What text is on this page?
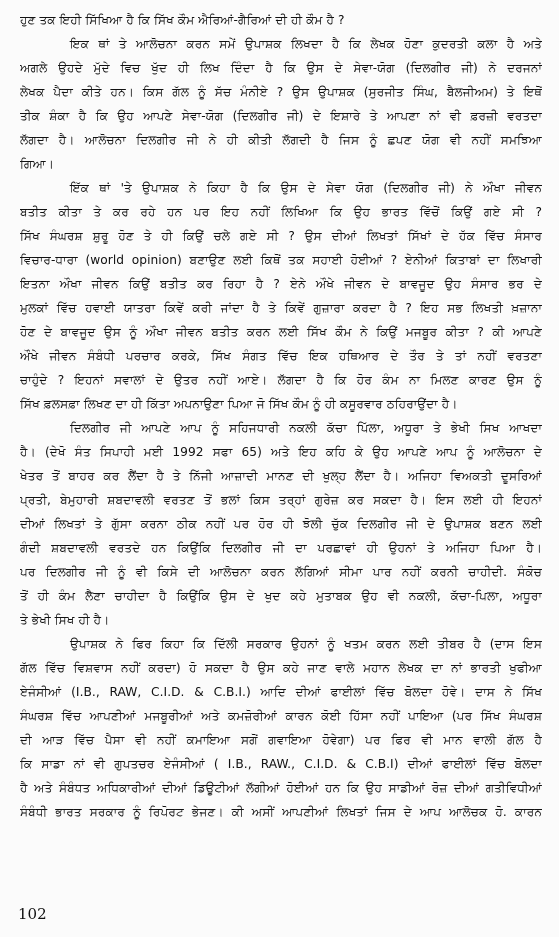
ਹੁਣ ਤਕ ਇਹੀ ਸਿੱਖਿਆ ਹੈ ਕਿ ਸਿੱਖ ਕੌਮ ਐਰਿਆਂ-ਗੈਰਿਆਂ ਦੀ ਹੀ ਕੌਮ ਹੈ ?
ਇਕ ਥਾਂ ਤੇ ਆਲੋਚਨਾ ਕਰਨ ਸਮੇਂ ਉਪਾਸ਼ਕ ਲਿਖਦਾ ਹੈ ਕਿ ਲੇਖਕ ਹੋਣਾ ਕੁਦਰਤੀ ਕਲਾ ਹੈ ਅਤੇ
ਅਗਲੇ ਉਹਦੇ ਮੁੱਦੇ ਵਿਚ ਖੁੱਦ ਹੀ ਲਿਖ ਦਿੰਦਾ ਹੈ ਕਿ ਉਸ ਦੇ ਸੇਵਾ-ਯੋਗ (ਦਿਲਗੀਰ ਜੀ) ਨੇ ਦਰਜਨਾਂ
ਲੇਖਕ ਪੈਦਾ ਕੀਤੇ ਹਨ। ਕਿਸ ਗੱਲ ਨੂੰ ਸੱਚ ਮੰਨੀਏ ? ਉਸ ਉਪਾਸ਼ਕ (ਸੁਰਜੀਤ ਸਿੰਘ, ਬੈਲਜੀਅਮ) ਤੇ ਇਥੋਂ
ਤੀਕ ਸ਼ੰਕਾ ਹੈ ਕਿ ਉਹ ਆਪਣੇ ਸੇਵਾ-ਯੋਗ (ਦਿਲਗੀਰ ਜੀ) ਦੇ ਇਸ਼ਾਰੇ ਤੇ ਆਪਣਾ ਨਾਂ ਵੀ ਫ਼ਰਜ਼ੀ ਵਰਤਦਾ
ਲੱਗਦਾ ਹੈ। ਆਲੋਚਨਾ ਦਿਲਗੀਰ ਜੀ ਨੇ ਹੀ ਕੀਤੀ ਲੱਗਦੀ ਹੈ ਜਿਸ ਨੂੰ ਛਪਣ ਯੋਗ ਵੀ ਨਹੀਂ ਸਮਝਿਆ
ਗਿਆ।
ਇੱਕ ਥਾਂ 'ਤੇ ਉਪਾਸ਼ਕ ਨੇ ਕਿਹਾ ਹੈ ਕਿ ਉਸ ਦੇ ਸੇਵਾ ਯੋਗ (ਦਿਲਗੀਰ ਜੀ) ਨੇ ਔਖਾ ਜੀਵਨ
ਬਤੀਤ ਕੀਤਾ ਤੇ ਕਰ ਰਹੇ ਹਨ ਪਰ ਇਹ ਨਹੀਂ ਲਿਖਿਆ ਕਿ ਉਹ ਭਾਰਤ ਵਿੱਚੋਂ ਕਿਉਂ ਗਏ ਸੀ ?
ਸਿੱਖ ਸੰਘਰਸ਼ ਸ਼ੁਰੂ ਹੋਣ ਤੇ ਹੀ ਕਿਉਂ ਚਲੇ ਗਏ ਸੀ ? ਉਸ ਦੀਆਂ ਲਿਖਤਾਂ ਸਿੱਖਾਂ ਦੇ ਹੱਕ ਵਿੱਚ ਸੰਸਾਰ
ਵਿਚਾਰ-ਧਾਰਾ (world opinion) ਬਣਾਉਣ ਲਈ ਕਿਥੋਂ ਤਕ ਸਹਾਈ ਹੋਈਆਂ ? ਏਨੀਆਂ ਕਿਤਾਬਾਂ ਦਾ ਲਿਖਾਰੀ
ਇਤਨਾ ਔਖਾ ਜੀਵਨ ਕਿਉਂ ਬਤੀਤ ਕਰ ਰਿਹਾ ਹੈ ? ਏਨੇ ਔਖੇ ਜੀਵਨ ਦੇ ਬਾਵਜੂਦ ਉਹ ਸੰਸਾਰ ਭਰ ਦੇ
ਮੁਲਕਾਂ ਵਿੱਚ ਹਵਾਈ ਯਾਤਰਾ ਕਿਵੇਂ ਕਰੀ ਜਾਂਦਾ ਹੈ ਤੇ ਕਿਵੇਂ ਗੁਜ਼ਾਰਾ ਕਰਦਾ ਹੈ ? ਇਹ ਸਭ ਲਿਖਤੀ ਖ਼ਜ਼ਾਨਾ
ਹੋਣ ਦੇ ਬਾਵਜੂਦ ਉਸ ਨੂੰ ਔਖਾ ਜੀਵਨ ਬਤੀਤ ਕਰਨ ਲਈ ਸਿੱਖ ਕੌਮ ਨੇ ਕਿਉਂ ਮਜਬੂਰ ਕੀਤਾ ? ਕੀ ਆਪਣੇ
ਔਖੇ ਜੀਵਨ ਸੰਬੰਧੀ ਪਰਚਾਰ ਕਰਕੇ, ਸਿੱਖ ਸੰਗਤ ਵਿੱਚ ਇਕ ਹਥਿਆਰ ਦੇ ਤੌਰ ਤੇ ਤਾਂ ਨਹੀਂ ਵਰਤਣਾ
ਚਾਹੁੰਦੇ ? ਇਹਨਾਂ ਸਵਾਲਾਂ ਦੇ ਉਤਰ ਨਹੀਂ ਆਏ। ਲੱਗਦਾ ਹੈ ਕਿ ਹੋਰ ਕੰਮ ਨਾ ਮਿਲਣ ਕਾਰਣ ਉਸ ਨੂੰ
ਸਿੱਖ ਫ਼ਲਸਫ਼ਾ ਲਿਖਣ ਦਾ ਹੀ ਕਿੱਤਾ ਅਪਨਾਉਣਾ ਪਿਆ ਜੋ ਸਿੱਖ ਕੌਮ ਨੂੰ ਹੀ ਕਸੂਰਵਾਰ ਠਹਿਰਾਉਂਦਾ ਹੈ।
ਦਿਲਗੀਰ ਜੀ ਆਪਣੇ ਆਪ ਨੂੰ ਸਹਿਜਧਾਰੀ ਨਕਲੀ ਕੱਚਾ ਪਿੱਲਾ, ਅਧੂਰਾ ਤੇ ਭੇਖੀ ਸਿਖ ਆਖਦਾ
ਹੈ। (ਦੇਖੋ ਸੰਤ ਸਿਪਾਹੀ ਮਈ 1992 ਸਫਾ 65) ਅਤੇ ਇਹ ਕਹਿ ਕੇ ਉਹ ਆਪਣੇ ਆਪ ਨੂੰ ਆਲੋਚਨਾ ਦੇ
ਖੇਤਰ ਤੋਂ ਬਾਹਰ ਕਰ ਲੈਂਦਾ ਹੈ ਤੇ ਨਿੱਜੀ ਆਜ਼ਾਦੀ ਮਾਨਣ ਦੀ ਖੁਲ੍ਹ ਲੈਂਦਾ ਹੈ। ਅਜਿਹਾ ਵਿਅਕਤੀ ਦੂਸਰਿਆਂ
ਪ੍ਰਤੀ, ਬੇਮੁਹਾਰੀ ਸ਼ਬਦਾਵਲੀ ਵਰਤਣ ਤੋਂ ਭਲਾਂ ਕਿਸ ਤਰ੍ਹਾਂ ਗੁਰੇਜ਼ ਕਰ ਸਕਦਾ ਹੈ। ਇਸ ਲਈ ਹੀ ਇਹਨਾਂ
ਦੀਆਂ ਲਿਖਤਾਂ ਤੇ ਗੁੱਸਾ ਕਰਨਾ ਠੀਕ ਨਹੀਂ ਪਰ ਹੋਰ ਹੀ ਝੋਲੀ ਚੁੱਕ ਦਿਲਗੀਰ ਜੀ ਦੇ ਉਪਾਸ਼ਕ ਬਣਨ ਲਈ
ਗੰਦੀ ਸ਼ਬਦਾਵਲੀ ਵਰਤਦੇ ਹਨ ਕਿਉਂਕਿ ਦਿਲਗੀਰ ਜੀ ਦਾ ਪਰਛਾਵਾਂ ਹੀ ਉਹਨਾਂ ਤੇ ਅਜਿਹਾ ਪਿਆ ਹੈ।
ਪਰ ਦਿਲਗੀਰ ਜੀ ਨੂੰ ਵੀ ਕਿਸੇ ਦੀ ਆਲੋਚਨਾ ਕਰਨ ਲੱਗਿਆਂ ਸੀਮਾ ਪਾਰ ਨਹੀਂ ਕਰਨੀ ਚਾਹੀਦੀ. ਸੰਕੋਚ
ਤੋਂ ਹੀ ਕੰਮ ਲੈਣਾ ਚਾਹੀਦਾ ਹੈ ਕਿਉਂਕਿ ਉਸ ਦੇ ਖੁਦ ਕਹੇ ਮੁਤਾਬਕ ਉਹ ਵੀ ਨਕਲੀ, ਕੱਚਾ-ਪਿਲਾ, ਅਧੂਰਾ
ਤੇ ਭੇਖੀ ਸਿਖ ਹੀ ਹੈ।
ਉਪਾਸ਼ਕ ਨੇ ਫਿਰ ਕਿਹਾ ਕਿ ਦਿੱਲੀ ਸਰਕਾਰ ਉਹਨਾਂ ਨੂੰ ਖਤਮ ਕਰਨ ਲਈ ਤੀਬਰ ਹੈ (ਦਾਸ ਇਸ
ਗੱਲ ਵਿੱਚ ਵਿਸ਼ਵਾਸ ਨਹੀਂ ਕਰਦਾ) ਹੋ ਸਕਦਾ ਹੈ ਉਸ ਕਹੇ ਜਾਣ ਵਾਲੇ ਮਹਾਨ ਲੇਖਕ ਦਾ ਨਾਂ ਭਾਰਤੀ ਖੁਫੀਆ
ਏਜੰਸੀਆਂ (I.B., RAW, C.I.D. & C.B.I.) ਆਦਿ ਦੀਆਂ ਫਾਈਲਾਂ ਵਿੱਚ ਬੋਲਦਾ ਹੋਵੇ। ਦਾਸ ਨੇ ਸਿੱਖ
ਸੰਘਰਸ਼ ਵਿੱਚ ਆਪਣੀਆਂ ਮਜਬੂਰੀਆਂ ਅਤੇ ਕਮਜ਼ੋਰੀਆਂ ਕਾਰਨ ਕੋਈ ਹਿੱਸਾ ਨਹੀਂ ਪਾਇਆ (ਪਰ ਸਿੱਖ ਸੰਘਰਸ਼
ਦੀ ਆੜ ਵਿੱਚ ਪੈਸਾ ਵੀ ਨਹੀਂ ਕਮਾਇਆ ਸਗੋਂ ਗਵਾਇਆ ਹੋਵੇਗਾ) ਪਰ ਫਿਰ ਵੀ ਮਾਨ ਵਾਲੀ ਗੱਲ ਹੈ
ਕਿ ਸਾਡਾ ਨਾਂ ਵੀ ਗੁਪਤਚਰ ਏਜੰਸੀਆਂ ( I.B., RAW., C.I.D. & C.B.I) ਦੀਆਂ ਫਾਈਲਾਂ ਵਿੱਚ ਬੋਲਦਾ
ਹੈ ਅਤੇ ਸੰਬੰਧਤ ਅਧਿਕਾਰੀਆਂ ਦੀਆਂ ਡਿਊਟੀਆਂ ਲੱਗੀਆਂ ਹੋਈਆਂ ਹਨ ਕਿ ਉਹ ਸਾਡੀਆਂ ਰੋਜ਼ ਦੀਆਂ ਗਤੀਵਿਧੀਆਂ
ਸੰਬੰਧੀ ਭਾਰਤ ਸਰਕਾਰ ਨੂੰ ਰਿਪੋਰਟ ਭੇਜਣ। ਕੀ ਅਸੀਂ ਆਪਣੀਆਂ ਲਿਖਤਾਂ ਜਿਸ ਦੇ ਆਪ ਆਲੋਚਕ ਹੋ. ਕਾਰਨ
102
